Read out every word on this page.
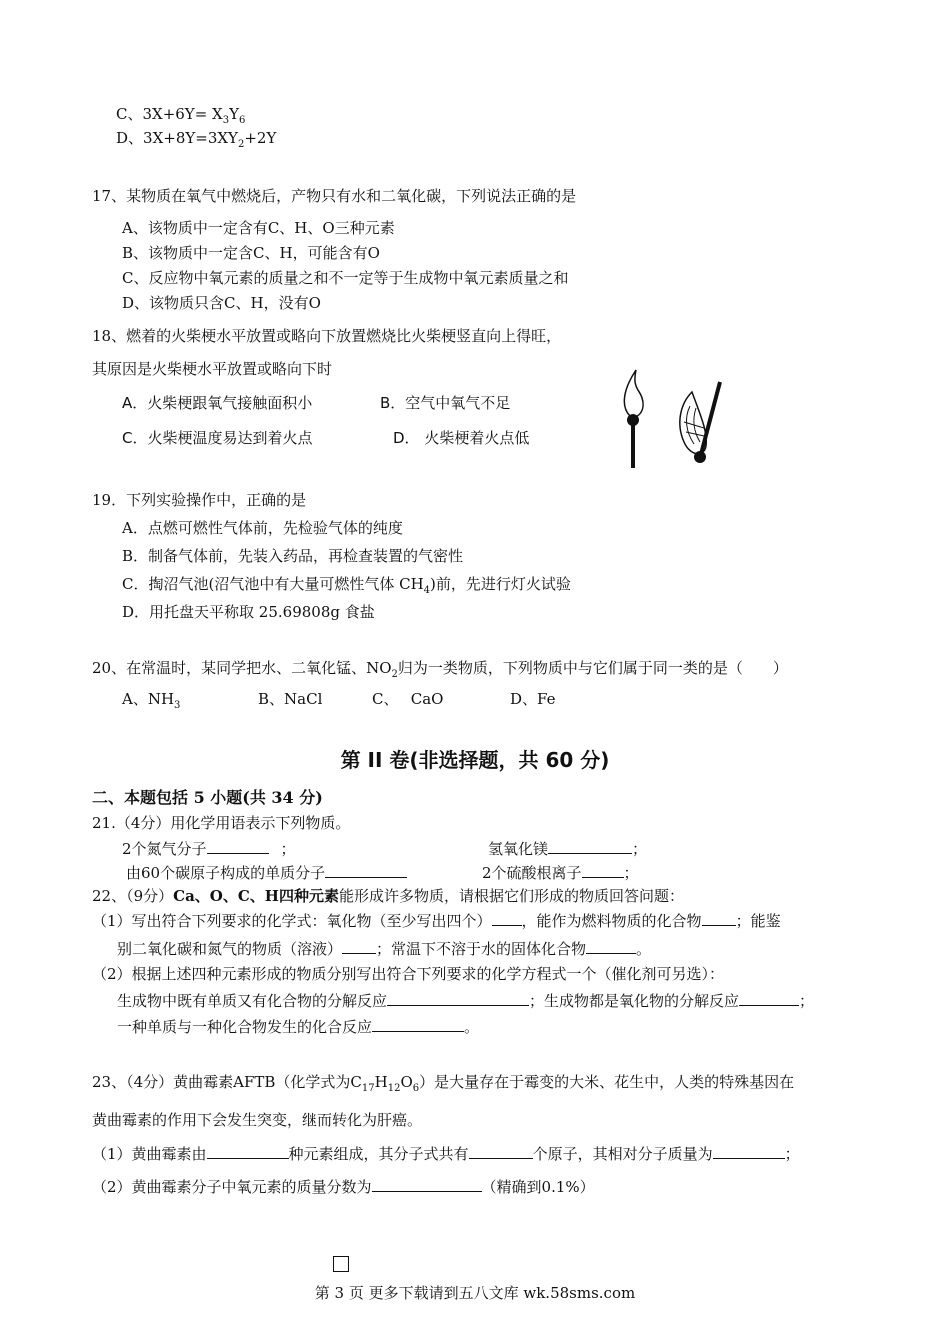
C、$3X+6Y= X_3Y_6$
D、$3X+8Y=3XY_2+2Y$
17、某物质在氧气中燃烧后，产物只有水和二氧化碳，下列说法正确的是
A、该物质中一定含有C、H、O三种元素
B、该物质中一定含C、H，可能含有O
C、反应物中氧元素的质量之和不一定等于生成物中氧元素质量之和
D、该物质只含C、H，没有O
18、燃着的火柴梗水平放置或略向下放置燃烧比火柴梗竖直向上得旺，
其原因是火柴梗水平放置或略向下时
A．火柴梗跟氧气接触面积小	B．空气中氧气不足
C．火柴梗温度易达到着火点	D． 火柴梗着火点低
19．下列实验操作中，正确的是
A．点燃可燃性气体前，先检验气体的纯度
B．制备气体前，先装入药品，再检查装置的气密性
C．掏沼气池(沼气池中有大量可燃性气体 $CH_4$)前，先进行灯火试验
D．用托盘天平称取 25.69808g 食盐
20、在常温时，某同学把水、二氧化锰、$NO_2$归为一类物质，下列物质中与它们属于同一类的是（　　）
A、$NH_3$	B、NaCl	C、　 CaO	D、Fe
第 II 卷(非选择题，共 60 分)
二、本题包括 5 小题(共 34 分)
21.（4分）用化学用语表示下列物质。
2个氮气分子	；	氢氧化镁	；
由60个碳原子构成的单质分子	2个硫酸根离子	；
22、（9分）Ca、O、C、H四种元素能形成许多物质，请根据它们形成的物质回答问题：
（1）写出符合下列要求的化学式：氧化物（至少写出四个） ，能作为燃料物质的化合物 ；能鉴
别二氧化碳和氮气的物质（溶液） ；常温下不溶于水的固体化合物	。
（2）根据上述四种元素形成的物质分别写出符合下列要求的化学方程式一个（催化剂可另选）：
生成物中既有单质又有化合物的分解反应	；生成物都是氧化物的分解反应	；
一种单质与一种化合物发生的化合反应	。
23、（4分）黄曲霉素AFTB（化学式为$C_{17}H_{12}O_6$）是大量存在于霉变的大米、花生中，人类的特殊基因在
黄曲霉素的作用下会发生突变，继而转化为肝癌。
（1）黄曲霉素由	种元素组成，其分子式共有	个原子，其相对分子质量为	；
（2）黄曲霉素分子中氧元素的质量分数为	（精确到0.1%）
第 3 页 更多下载请到五八文库 wk.58sms.com
